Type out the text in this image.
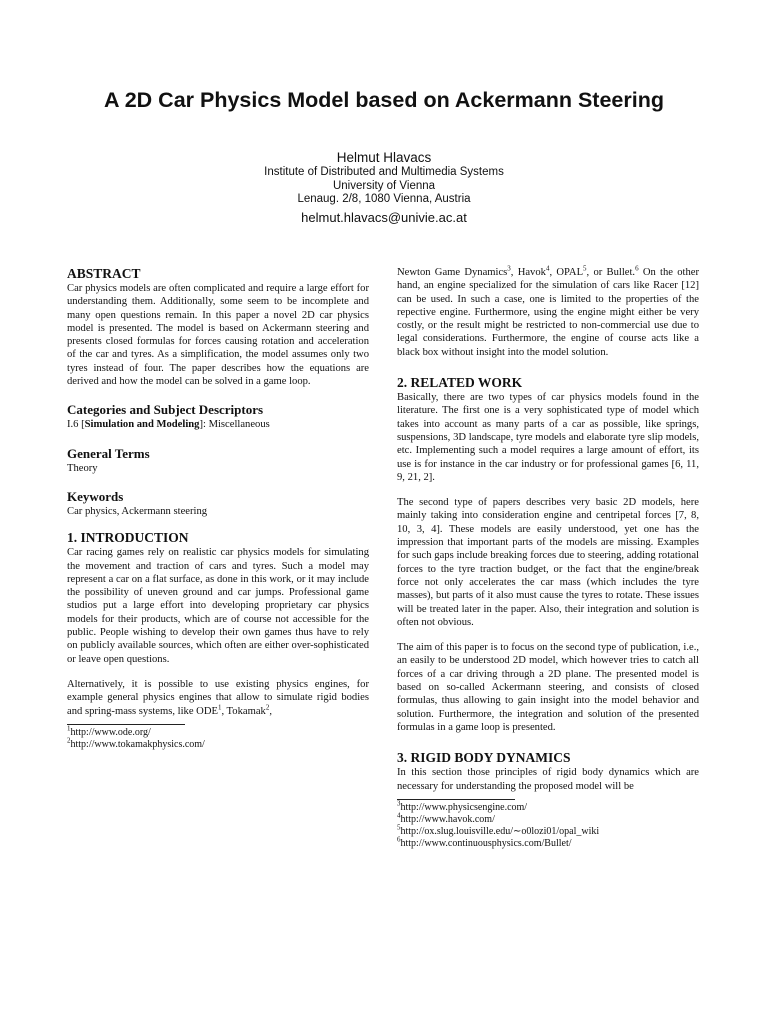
A 2D Car Physics Model based on Ackermann Steering

Helmut Hlavacs

Institute of Distributed and Multimedia Systems
University of Vienna
Lenaug. 2/8, 1080 Vienna, Austria

helmut.hlavacs@univie.ac.at

ABSTRACT

Car physics models are often complicated and require a large effort for understanding them. Additionally, some seem to be incomplete and many open questions remain. In this paper a novel 2D car physics model is presented. The model is based on Ackermann steering and presents closed formulas for forces causing rotation and acceleration of the car and tyres. As a simplification, the model assumes only two tyres instead of four. The paper describes how the equations are derived and how the model can be solved in a game loop.

Categories and Subject Descriptors

I.6 [Simulation and Modeling]: Miscellaneous

General Terms

Theory

Keywords

Car physics, Ackermann steering

1. INTRODUCTION

Car racing games rely on realistic car physics models for simulating the movement and traction of cars and tyres. Such a model may represent a car on a flat surface, as done in this work, or it may include the possibility of uneven ground and car jumps. Professional game studios put a large effort into developing proprietary car physics models for their products, which are of course not accessible for the public. People wishing to develop their own games thus have to rely on publicly available sources, which often are either over-sophisticated or leave open questions.

Alternatively, it is possible to use existing physics engines, for example general physics engines that allow to simulate rigid bodies and spring-mass systems, like ODE$^1$, Tokamak$^2$,

$^1$http://www.ode.org/

$^2$http://www.tokamakphysics.com/

Newton Game Dynamics$^3$, Havok$^4$, OPAL$^5$, or Bullet.$^6$ On the other hand, an engine specialized for the simulation of cars like Racer [12] can be used. In such a case, one is limited to the properties of the repective engine. Furthermore, using the engine might either be very costly, or the result might be restricted to non-commercial use due to legal considerations. Furthermore, the engine of course acts like a black box without insight into the model solution.

2. RELATED WORK

Basically, there are two types of car physics models found in the literature. The first one is a very sophisticated type of model which takes into account as many parts of a car as possible, like springs, suspensions, 3D landscape, tyre models and elaborate tyre slip models, etc. Implementing such a model requires a large amount of effort, its use is for instance in the car industry or for professional games [6, 11, 9, 21, 2].

The second type of papers describes very basic 2D models, here mainly taking into consideration engine and centripetal forces [7, 8, 10, 3, 4]. These models are easily understood, yet one has the impression that important parts of the models are missing. Examples for such gaps include breaking forces due to steering, adding rotational forces to the tyre traction budget, or the fact that the engine/break force not only accelerates the car mass (which includes the tyre masses), but parts of it also must cause the tyres to rotate. These issues will be treated later in the paper. Also, their integration and solution is often not obvious.

The aim of this paper is to focus on the second type of publication, i.e., an easily to be understood 2D model, which however tries to catch all forces of a car driving through a 2D plane. The presented model is based on so-called Ackermann steering, and consists of closed formulas, thus allowing to gain insight into the model behavior and solution. Furthermore, the integration and solution of the presented formulas in a game loop is presented.

3. RIGID BODY DYNAMICS

In this section those principles of rigid body dynamics which are necessary for understanding the proposed model will be

$^3$http://www.physicsengine.com/

$^4$http://www.havok.com/

$^5$http://ox.slug.louisville.edu/∼o0lozi01/opal_wiki

$^6$http://www.continuousphysics.com/Bullet/
